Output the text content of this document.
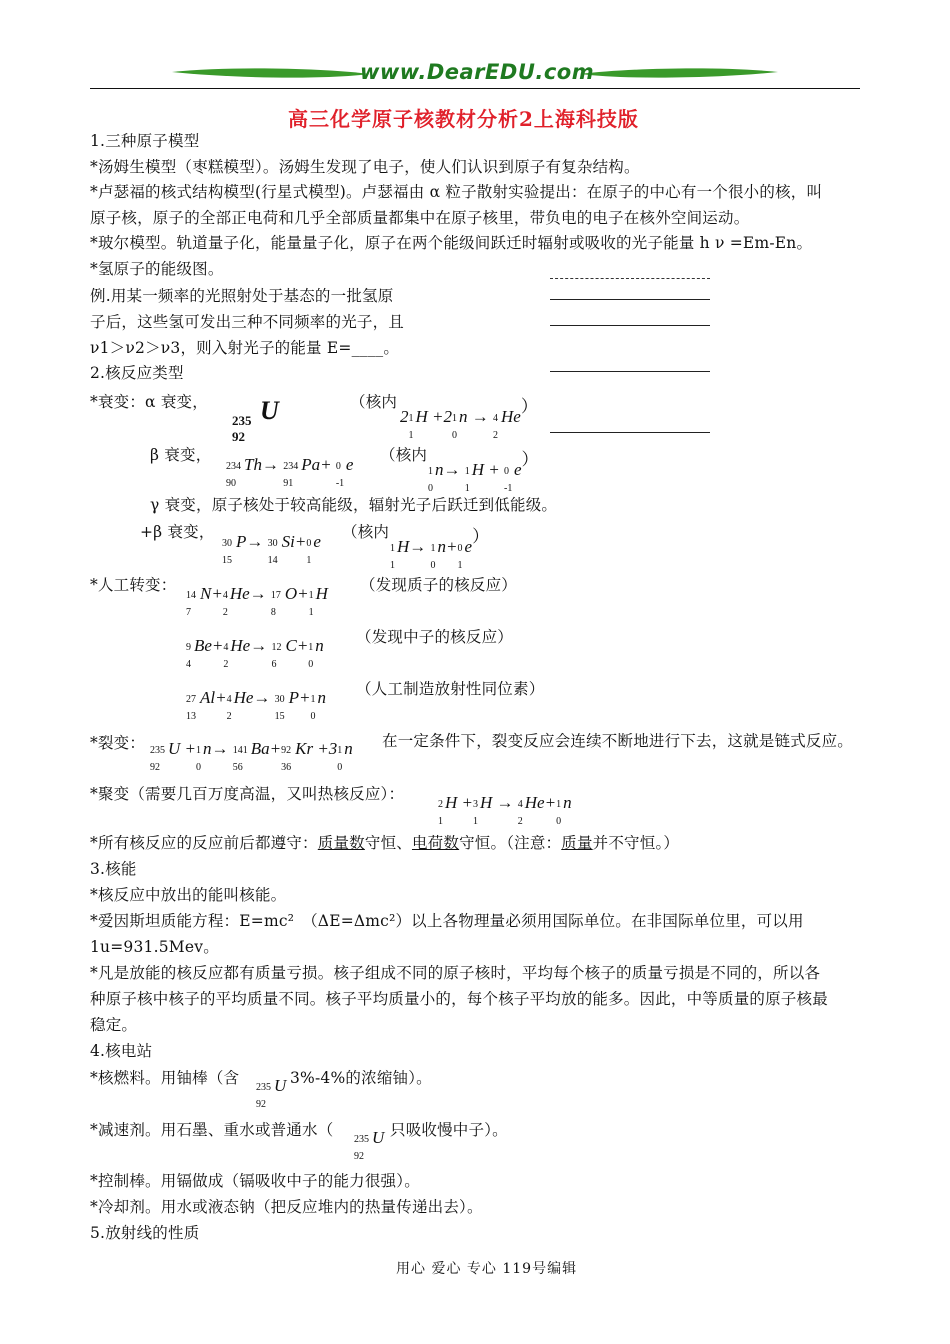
www.DearEDU.com
高三化学原子核教材分析2上海科技版
1.三种原子模型
*汤姆生模型（枣糕模型）。汤姆生发现了电子，使人们认识到原子有复杂结构。
*卢瑟福的核式结构模型(行星式模型)。卢瑟福由 α 粒子散射实验提出：在原子的中心有一个很小的核，叫
原子核，原子的全部正电荷和几乎全部质量都集中在原子核里，带负电的电子在核外空间运动。
*玻尔模型。轨道量子化，能量量子化，原子在两个能级间跃迁时辐射或吸收的光子能量 h ν =Em-En。
*氢原子的能级图。
例.用某一频率的光照射处于基态的一批氢原
子后，这些氢可发出三种不同频率的光子，且
ν1＞ν2＞ν3，则入射光子的能量 E=____。
2.核反应类型
*衰变：α 衰变，
235
92
U	（核内
2 1
1
H +2 1
0
n → 4
2
He）
β 衰变，
234
90
Th→ 234
91
Pa+ 0
-1
e （核内
1
0
n→ 1
1
H + 0
-1
e）
γ 衰变，原子核处于较高能级，辐射光子后跃迁到低能级。
+β 衰变，
30
15
P→ 30
14
Si+ 0
1
e （核内
1
1
H→ 1
0
n+ 0
1
e）
*人工转变：
14
7
N+ 4
2
He→ 17
8
O+ 1
1
H （发现质子的核反应）
9
4
Be+ 4
2
He→ 12
6
C+ 1
0
n （发现中子的核反应）
27
13
Al+ 4
2
He→ 30
15
P+ 1
0
n （人工制造放射性同位素）
*裂变： 235
92
U + 1
0
n→ 141
56
Ba+ 92
36
Kr +3 1
0
n 在一定条件下，裂变反应会连续不断地进行下去，这就是链式反应。
*聚变（需要几百万度高温，又叫热核反应）：
2
1
H + 3
1
H → 4
2
He+ 1
0
n
*所有核反应的反应前后都遵守：质量数守恒、电荷数守恒。（注意：质量并不守恒。）
3.核能
*核反应中放出的能叫核能。
*爱因斯坦质能方程：E=mc²　（ΔE=Δmc²）以上各物理量必须用国际单位。在非国际单位里，可以用
1u=931.5Mev。
*凡是放能的核反应都有质量亏损。核子组成不同的原子核时，平均每个核子的质量亏损是不同的，所以各
种原子核中核子的平均质量不同。核子平均质量小的，每个核子平均放的能多。因此，中等质量的原子核最
稳定。
4.核电站
*核燃料。用铀棒（含
235
92
U 3%-4%的浓缩铀）。
*减速剂。用石墨、重水或普通水（
235
92
U 只吸收慢中子）。
*控制棒。用镉做成（镉吸收中子的能力很强）。
*冷却剂。用水或液态钠（把反应堆内的热量传递出去）。
5.放射线的性质
用心 爱心 专心 119号编辑
